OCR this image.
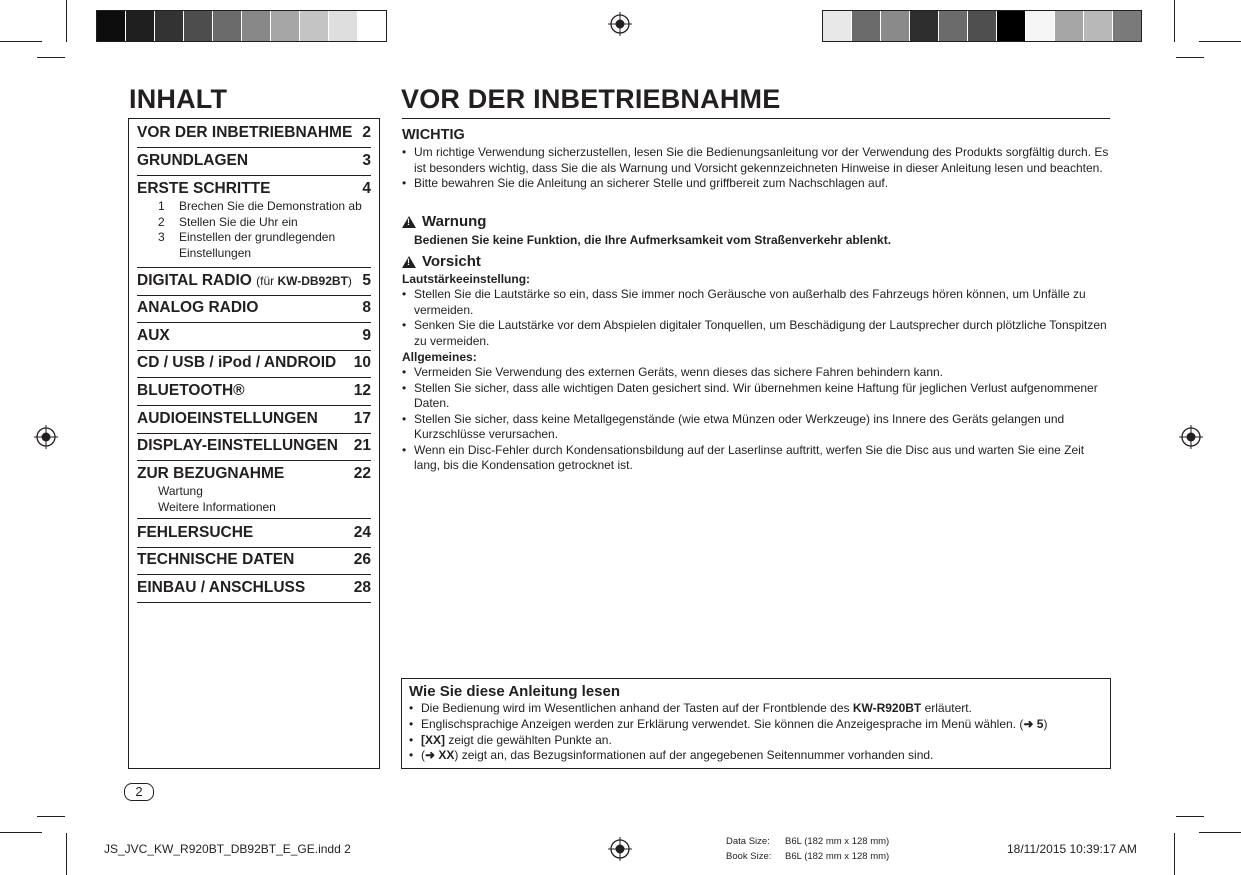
INHALT
VOR DER INBETRIEBNAHME 2
GRUNDLAGEN	3
ERSTE SCHRITTE	4
1	Brechen Sie die Demonstration ab
2	Stellen Sie die Uhr ein
3	Einstellen der grundlegenden Einstellungen
DIGITAL RADIO (für KW-DB92BT) 5
ANALOG RADIO	8
AUX	9
CD / USB / iPod / ANDROID 10
BLUETOOTH®	12
AUDIOEINSTELLUNGEN 17
DISPLAY-EINSTELLUNGEN 21
ZUR BEZUGNAHME	22
Wartung
Weitere Informationen
FEHLERSUCHE	24
TECHNISCHE DATEN	26
EINBAU / ANSCHLUSS	28
VOR DER INBETRIEBNAHME
WICHTIG
• Um richtige Verwendung sicherzustellen, lesen Sie die Bedienungsanleitung vor der Verwendung des Produkts sorgfältig durch. Es ist besonders wichtig, dass Sie die als Warnung und Vorsicht gekennzeichneten Hinweise in dieser Anleitung lesen und beachten.
• Bitte bewahren Sie die Anleitung an sicherer Stelle und griffbereit zum Nachschlagen auf.
!
Warnung
Bedienen Sie keine Funktion, die Ihre Aufmerksamkeit vom Straßenverkehr ablenkt.
!
Vorsicht
Lautstärkeeinstellung:
• Stellen Sie die Lautstärke so ein, dass Sie immer noch Geräusche von außerhalb des Fahrzeugs hören können, um Unfälle zu vermeiden.
• Senken Sie die Lautstärke vor dem Abspielen digitaler Tonquellen, um Beschädigung der Lautsprecher durch plötzliche Tonspitzen zu vermeiden.
Allgemeines:
• Vermeiden Sie Verwendung des externen Geräts, wenn dieses das sichere Fahren behindern kann.
• Stellen Sie sicher, dass alle wichtigen Daten gesichert sind. Wir übernehmen keine Haftung für jeglichen Verlust aufgenommener Daten.
• Stellen Sie sicher, dass keine Metallgegenstände (wie etwa Münzen oder Werkzeuge) ins Innere des Geräts gelangen und Kurzschlüsse verursachen.
• Wenn ein Disc-Fehler durch Kondensationsbildung auf der Laserlinse auftritt, werfen Sie die Disc aus und warten Sie eine Zeit lang, bis die Kondensation getrocknet ist.
Wie Sie diese Anleitung lesen
• Die Bedienung wird im Wesentlichen anhand der Tasten auf der Frontblende des KW-R920BT erläutert.
• Englischsprachige Anzeigen werden zur Erklärung verwendet. Sie können die Anzeigesprache im Menü wählen. (➜ 5)
• [XX] zeigt die gewählten Punkte an.
• (➜ XX) zeigt an, das Bezugsinformationen auf der angegebenen Seitennummer vorhanden sind.
2
JS_JVC_KW_R920BT_DB92BT_E_GE.indd 2
Data Size:
Book Size:
B6L (182 mm x 128 mm)
B6L (182 mm x 128 mm)
18/11/2015 10:39:17 AM
